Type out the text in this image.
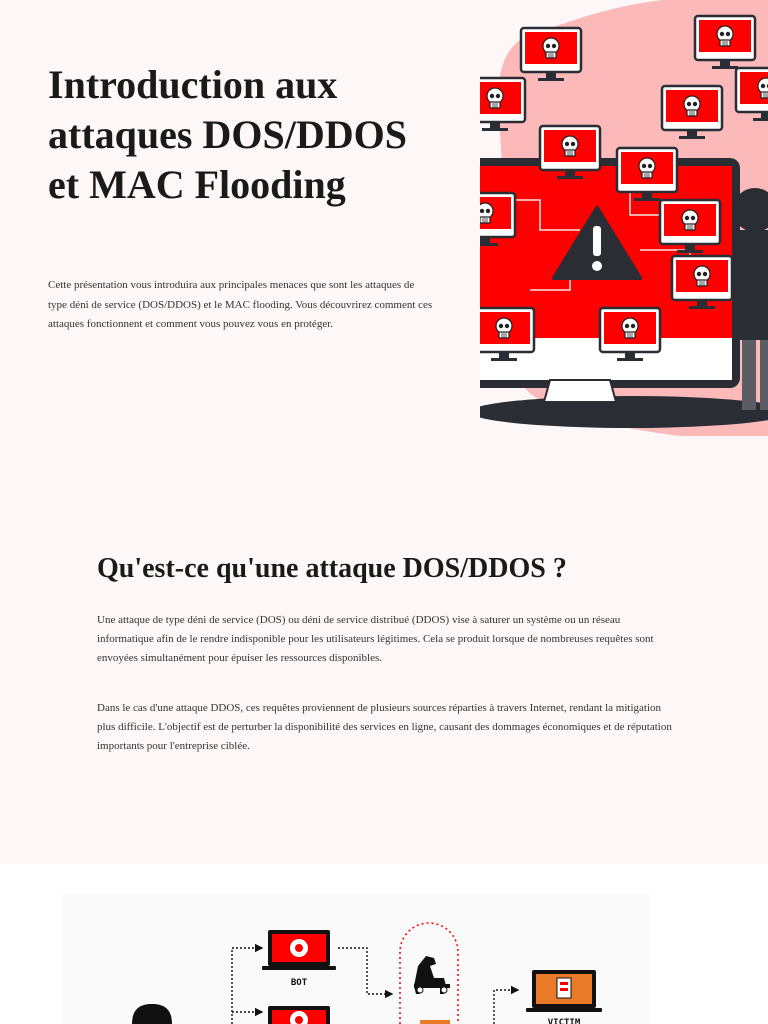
Introduction aux attaques DOS/DDOS et MAC Flooding

Cette présentation vous introduira aux principales menaces que sont les attaques de type déni de service (DOS/DDOS) et le MAC flooding. Vous découvrirez comment ces attaques fonctionnent et comment vous pouvez vous en protéger.

Qu'est-ce qu'une attaque DOS/DDOS ?

Une attaque de type déni de service (DOS) ou déni de service distribué (DDOS) vise à saturer un système ou un réseau informatique afin de le rendre indisponible pour les utilisateurs légitimes. Cela se produit lorsque de nombreuses requêtes sont envoyées simultanément pour épuiser les ressources disponibles.

Dans le cas d'une attaque DDOS, ces requêtes proviennent de plusieurs sources réparties à travers Internet, rendant la mitigation plus difficile. L'objectif est de perturber la disponibilité des services en ligne, causant des dommages économiques et de réputation importants pour l'entreprise ciblée.

BOT
VICTIM
